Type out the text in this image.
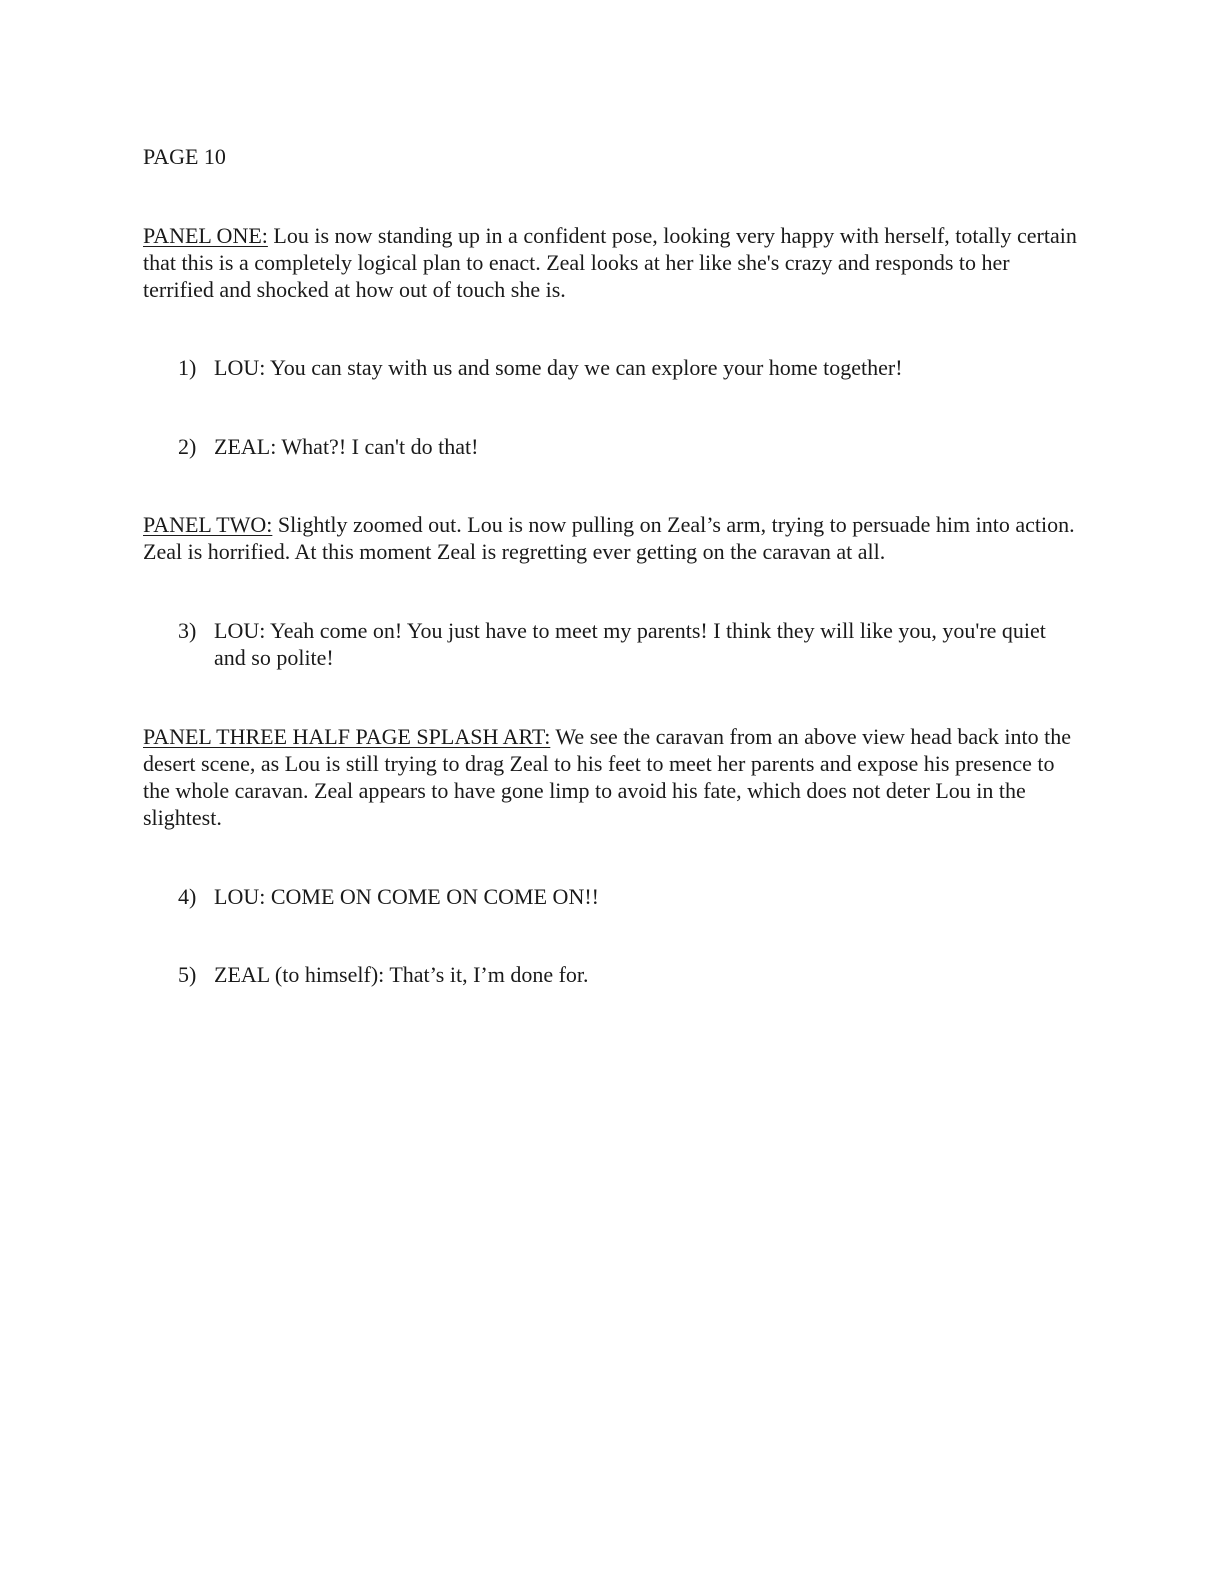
PAGE 10

PANEL ONE: Lou is now standing up in a confident pose, looking very happy with herself, totally certain that this is a completely logical plan to enact. Zeal looks at her like she's crazy and responds to her terrified and shocked at how out of touch she is.

1) LOU: You can stay with us and some day we can explore your home together!
2) ZEAL: What?! I can't do that!

PANEL TWO: Slightly zoomed out. Lou is now pulling on Zeal’s arm, trying to persuade him into action. Zeal is horrified. At this moment Zeal is regretting ever getting on the caravan at all.

3) LOU: Yeah come on! You just have to meet my parents! I think they will like you, you're quiet and so polite!

PANEL THREE HALF PAGE SPLASH ART: We see the caravan from an above view head back into the desert scene, as Lou is still trying to drag Zeal to his feet to meet her parents and expose his presence to the whole caravan. Zeal appears to have gone limp to avoid his fate, which does not deter Lou in the slightest.

4) LOU: COME ON COME ON COME ON!!
5) ZEAL (to himself): That’s it, I’m done for.
